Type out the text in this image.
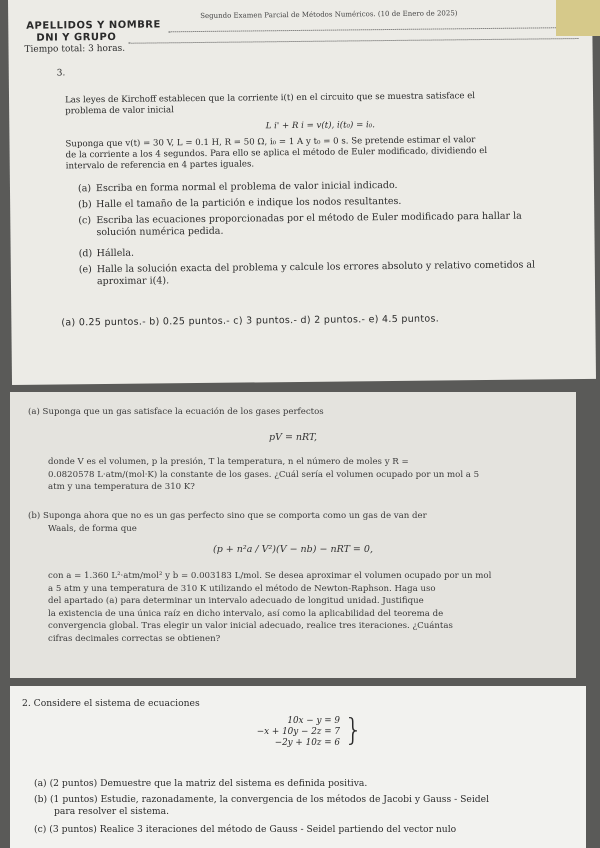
APELLIDOS Y NOMBRE
Segundo Examen Parcial de Métodos Numéricos. (10 de Enero de 2025)
DNI Y GRUPO
Tiempo total: 3 horas.
3.
Las leyes de Kirchoff establecen que la corriente i(t) en el circuito que se muestra satisface el
problema de valor inicial
L i' + R i = v(t), i(t₀) = i₀.
Suponga que v(t) = 30 V, L = 0.1 H, R = 50 Ω, i₀ = 1 A y t₀ = 0 s. Se pretende estimar el valor
de la corriente a los 4 segundos. Para ello se aplica el método de Euler modificado, dividiendo el
intervalo de referencia en 4 partes iguales.
(a) Escriba en forma normal el problema de valor inicial indicado.
(b) Halle el tamaño de la partición e indique los nodos resultantes.
(c) Escriba las ecuaciones proporcionadas por el método de Euler modificado para hallar la
solución numérica pedida.
(d) Hállela.
(e) Halle la solución exacta del problema y calcule los errores absoluto y relativo cometidos al
aproximar i(4).
(a) 0.25 puntos.- b) 0.25 puntos.- c) 3 puntos.- d) 2 puntos.- e) 4.5 puntos.
(a) Suponga que un gas satisface la ecuación de los gases perfectos
pV = nRT,
donde V es el volumen, p la presión, T la temperatura, n el número de moles y R =
0.0820578 L·atm/(mol·K) la constante de los gases. ¿Cuál sería el volumen ocupado por un mol a 5
atm y una temperatura de 310 K?
(b) Suponga ahora que no es un gas perfecto sino que se comporta como un gas de van der
Waals, de forma que
(p + n²a / V²)(V − nb) − nRT = 0,
con a = 1.360 L²·atm/mol² y b = 0.003183 L/mol. Se desea aproximar el volumen ocupado por un mol
a 5 atm y una temperatura de 310 K utilizando el método de Newton-Raphson. Haga uso
del apartado (a) para determinar un intervalo adecuado de longitud unidad. Justifique
la existencia de una única raíz en dicho intervalo, así como la aplicabilidad del teorema de
convergencia global. Tras elegir un valor inicial adecuado, realice tres iteraciones. ¿Cuántas
cifras decimales correctas se obtienen?
2. Considere el sistema de ecuaciones
10x − y = 9
−x + 10y − 2z = 7
−2y + 10z = 6 }
(a) (2 puntos) Demuestre que la matriz del sistema es definida positiva.
(b) (1 puntos) Estudie, razonadamente, la convergencia de los métodos de Jacobi y Gauss - Seidel
para resolver el sistema.
(c) (3 puntos) Realice 3 iteraciones del método de Gauss - Seidel partiendo del vector nulo
